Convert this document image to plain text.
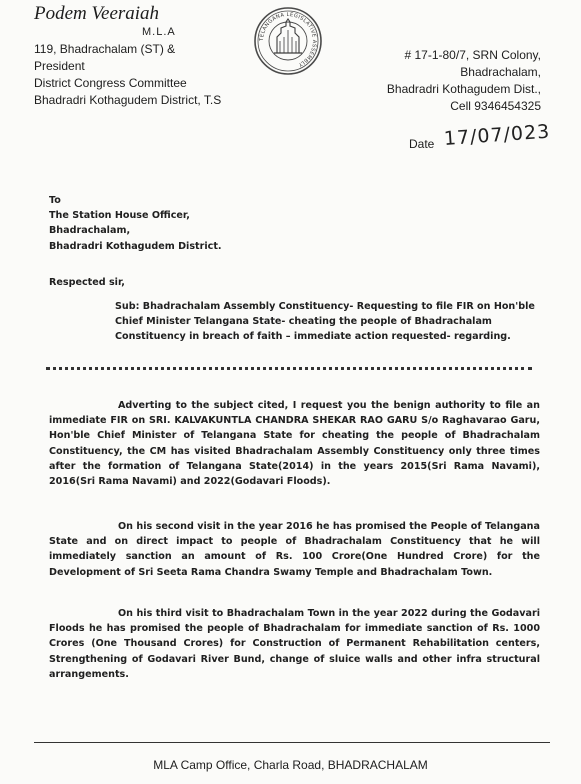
Podem Veeraiah
M.L.A
119, Bhadrachalam (ST) &
President
District Congress Committee
Bhadradri Kothagudem District, T.S
TELANGANA LEGISLATIVE ASSEMBLY
# 17-1-80/7, SRN Colony,
Bhadrachalam,
Bhadradri Kothagudem Dist.,
Cell 9346454325
Date 17/07/023
To
The Station House Officer,
Bhadrachalam,
Bhadradri Kothagudem District.
Respected sir,
Sub: Bhadrachalam Assembly Constituency- Requesting to file FIR on Hon'ble Chief Minister Telangana State- cheating the people of Bhadrachalam Constituency in breach of faith – immediate action requested- regarding.
Adverting to the subject cited, I request you the benign authority to file an immediate FIR on SRI. KALVAKUNTLA CHANDRA SHEKAR RAO GARU S/o Raghavarao Garu, Hon'ble Chief Minister of Telangana State for cheating the people of Bhadrachalam Constituency, the CM has visited Bhadrachalam Assembly Constituency only three times after the formation of Telangana State(2014) in the years 2015(Sri Rama Navami), 2016(Sri Rama Navami) and 2022(Godavari Floods).
On his second visit in the year 2016 he has promised the People of Telangana State and on direct impact to people of Bhadrachalam Constituency that he will immediately sanction an amount of Rs. 100 Crore(One Hundred Crore) for the Development of Sri Seeta Rama Chandra Swamy Temple and Bhadrachalam Town.
On his third visit to Bhadrachalam Town in the year 2022 during the Godavari Floods he has promised the people of Bhadrachalam for immediate sanction of Rs. 1000 Crores (One Thousand Crores) for Construction of Permanent Rehabilitation centers, Strengthening of Godavari River Bund, change of sluice walls and other infra structural arrangements.
MLA Camp Office, Charla Road, BHADRACHALAM
